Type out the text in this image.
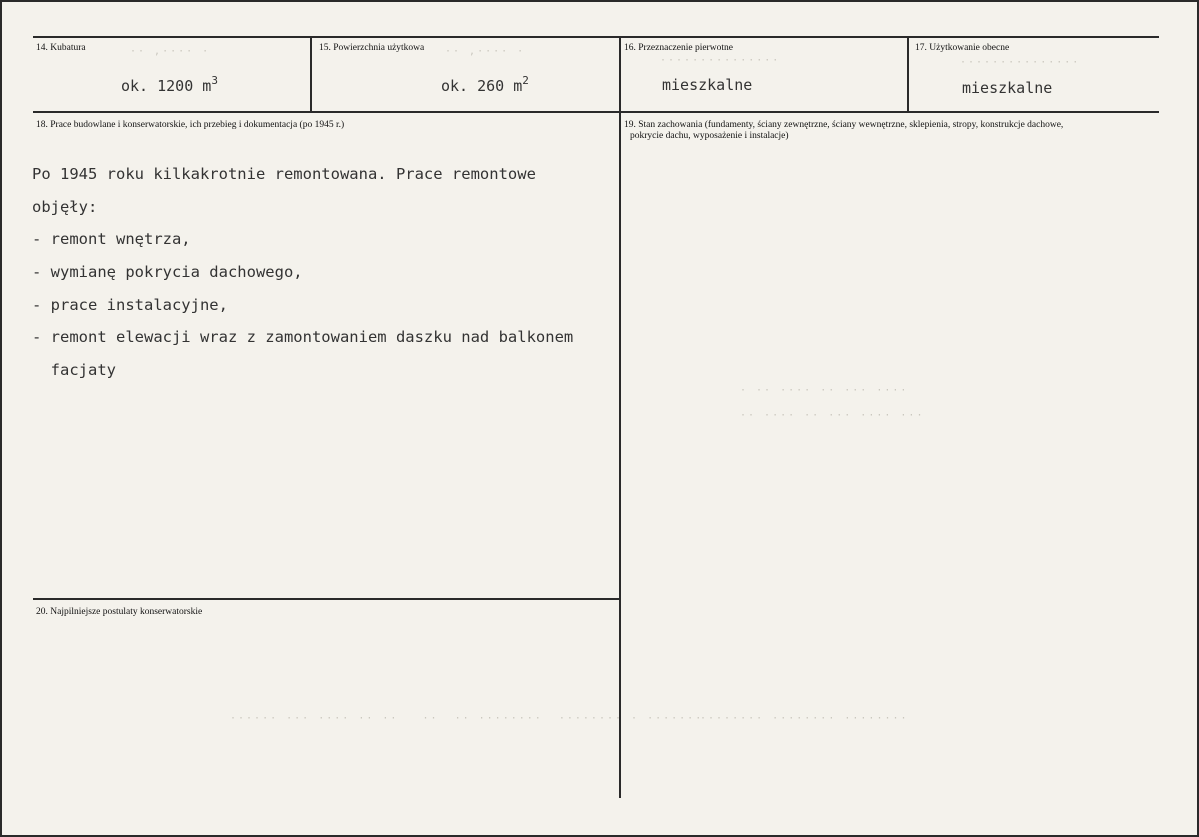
14. Kubatura	·· ,···· ·
ok. 1200 $m^3$
15. Powierzchnia użytkowa ·· ,···· ·
ok. 260 $m^2$
16. Przeznaczenie pierwotne
···············
mieszkalne
17. Użytkowanie obecne
···············
mieszkalne
18. Prace budowlane i konserwatorskie, ich przebieg i dokumentacja (po 1945 r.)

Po 1945 roku kilkakrotnie remontowana. Prace remontowe

objęły:

- remont wnętrza,

- wymianę pokrycia dachowego,

- prace instalacyjne,

- remont elewacji wraz z zamontowaniem daszku nad balkonem

facjaty

19. Stan zachowania (fundamenty, ściany zewnętrzne, ściany wewnętrzne, sklepienia, stropy, konstrukcje dachowe,
pokrycie dachu, wyposażenie i instalacje)
20. Najpilniejsze postulaty konserwatorskie
······ ··· ···· ·· ··   ··  ·· ········  ········ · ·······
········ ········ ········
· ·· ···· ·· ··· ····
·· ···· ·· ··· ···· ···
